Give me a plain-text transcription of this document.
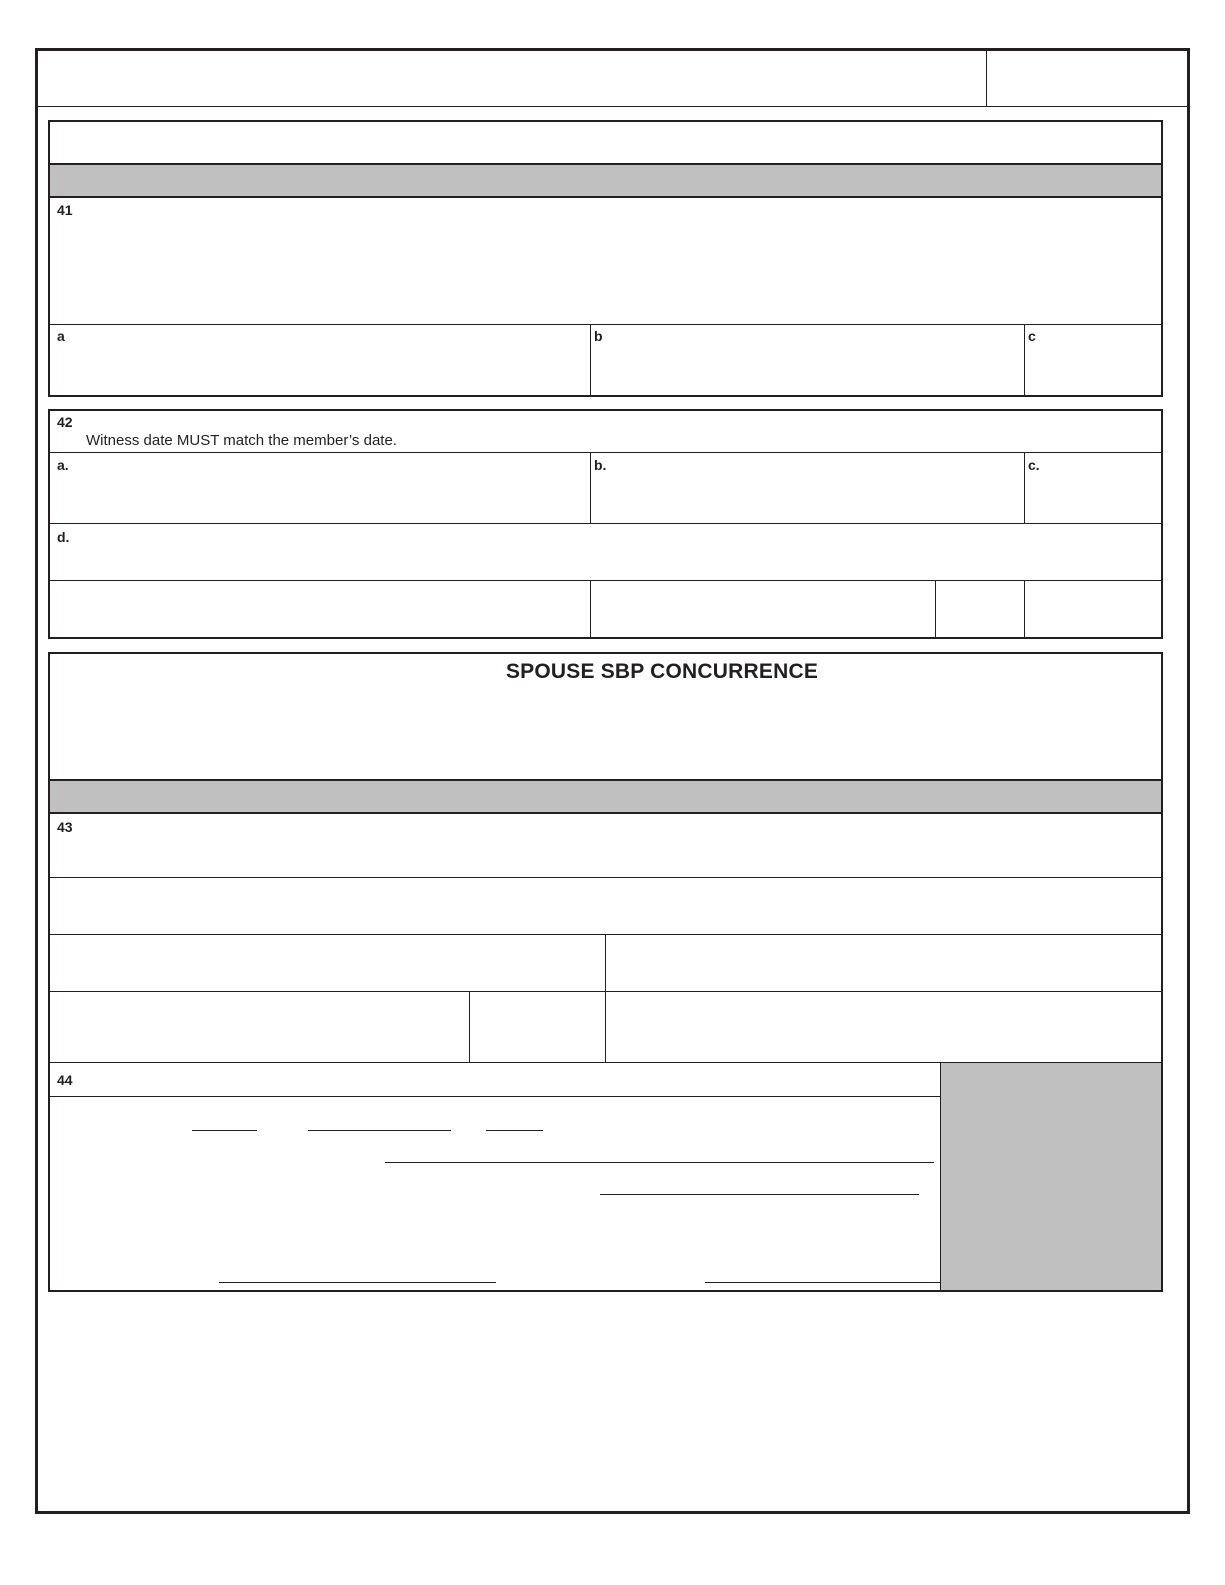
41
a	b	c
42
Witness date MUST match the member’s date.
a.	b.	c.
d.
SPOUSE SBP CONCURRENCE
43
44
